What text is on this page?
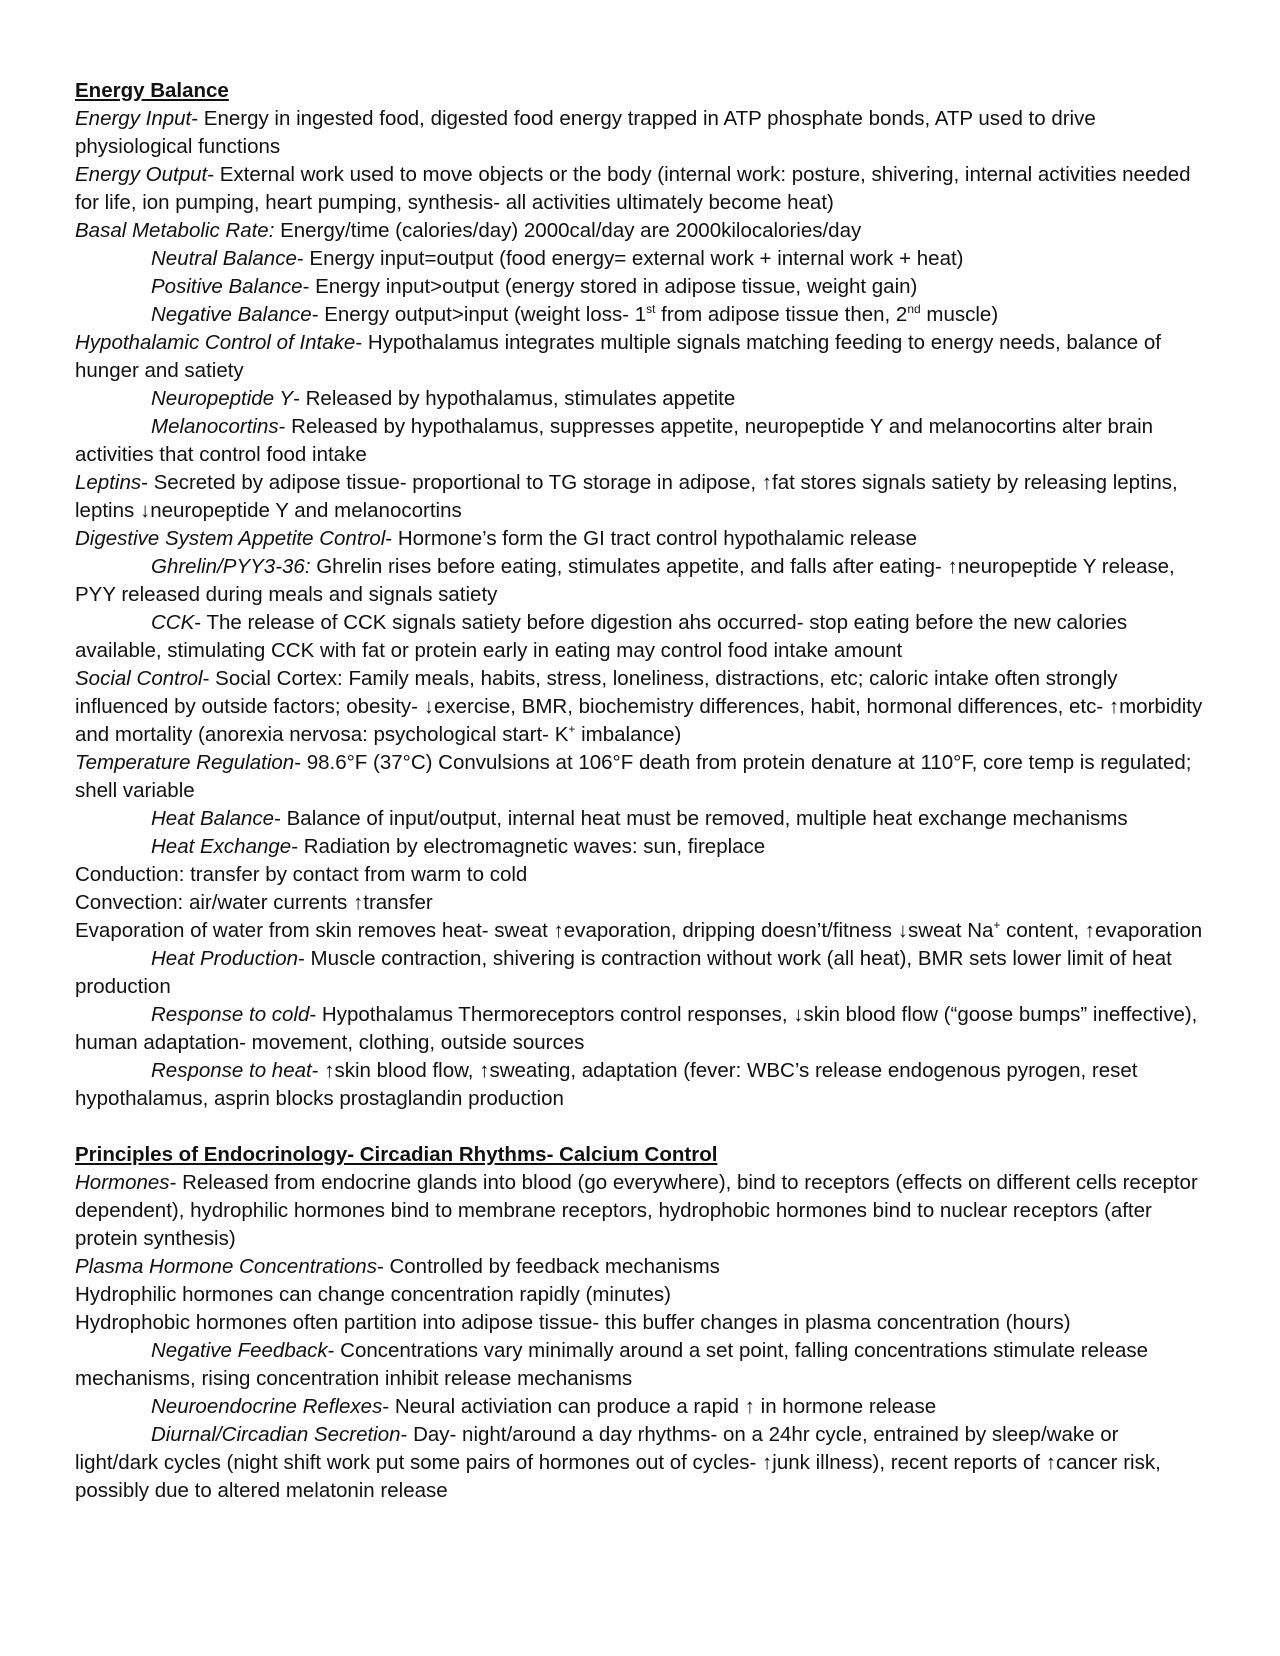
Energy Balance

Energy Input- Energy in ingested food, digested food energy trapped in ATP phosphate bonds, ATP used to drive physiological functions

Energy Output- External work used to move objects or the body (internal work: posture, shivering, internal activities needed for life, ion pumping, heart pumping, synthesis- all activities ultimately become heat)

Basal Metabolic Rate: Energy/time (calories/day) 2000cal/day are 2000kilocalories/day

Neutral Balance- Energy input=output (food energy= external work + internal work + heat)

Positive Balance- Energy input>output (energy stored in adipose tissue, weight gain)

Negative Balance- Energy output>input (weight loss- 1st from adipose tissue then, 2nd muscle)

Hypothalamic Control of Intake- Hypothalamus integrates multiple signals matching feeding to energy needs, balance of hunger and satiety

Neuropeptide Y- Released by hypothalamus, stimulates appetite

Melanocortins- Released by hypothalamus, suppresses appetite, neuropeptide Y and melanocortins alter brain activities that control food intake

Leptins- Secreted by adipose tissue- proportional to TG storage in adipose, ↑fat stores signals satiety by releasing leptins, leptins ↓neuropeptide Y and melanocortins

Digestive System Appetite Control- Hormone’s form the GI tract control hypothalamic release

Ghrelin/PYY3-36: Ghrelin rises before eating, stimulates appetite, and falls after eating- ↑neuropeptide Y release, PYY released during meals and signals satiety

CCK- The release of CCK signals satiety before digestion ahs occurred- stop eating before the new calories available, stimulating CCK with fat or protein early in eating may control food intake amount

Social Control- Social Cortex: Family meals, habits, stress, loneliness, distractions, etc; caloric intake often strongly influenced by outside factors; obesity- ↓exercise, BMR, biochemistry differences, habit, hormonal differences, etc- ↑morbidity and mortality (anorexia nervosa: psychological start- K+ imbalance)

Temperature Regulation- 98.6°F (37°C) Convulsions at 106°F death from protein denature at 110°F, core temp is regulated; shell variable

Heat Balance- Balance of input/output, internal heat must be removed, multiple heat exchange mechanisms

Heat Exchange- Radiation by electromagnetic waves: sun, fireplace

Conduction: transfer by contact from warm to cold

Convection: air/water currents ↑transfer

Evaporation of water from skin removes heat- sweat ↑evaporation, dripping doesn’t/fitness ↓sweat Na+ content, ↑evaporation

Heat Production- Muscle contraction, shivering is contraction without work (all heat), BMR sets lower limit of heat production

Response to cold- Hypothalamus Thermoreceptors control responses, ↓skin blood flow (“goose bumps” ineffective), human adaptation- movement, clothing, outside sources

Response to heat- ↑skin blood flow, ↑sweating, adaptation (fever: WBC’s release endogenous pyrogen, reset hypothalamus, asprin blocks prostaglandin production

Principles of Endocrinology- Circadian Rhythms- Calcium Control

Hormones- Released from endocrine glands into blood (go everywhere), bind to receptors (effects on different cells receptor dependent), hydrophilic hormones bind to membrane receptors, hydrophobic hormones bind to nuclear receptors (after protein synthesis)

Plasma Hormone Concentrations- Controlled by feedback mechanisms

Hydrophilic hormones can change concentration rapidly (minutes)

Hydrophobic hormones often partition into adipose tissue- this buffer changes in plasma concentration (hours)

Negative Feedback- Concentrations vary minimally around a set point, falling concentrations stimulate release mechanisms, rising concentration inhibit release mechanisms

Neuroendocrine Reflexes- Neural activiation can produce a rapid ↑ in hormone release

Diurnal/Circadian Secretion- Day- night/around a day rhythms- on a 24hr cycle, entrained by sleep/wake or light/dark cycles (night shift work put some pairs of hormones out of cycles- ↑junk illness), recent reports of ↑cancer risk, possibly due to altered melatonin release
